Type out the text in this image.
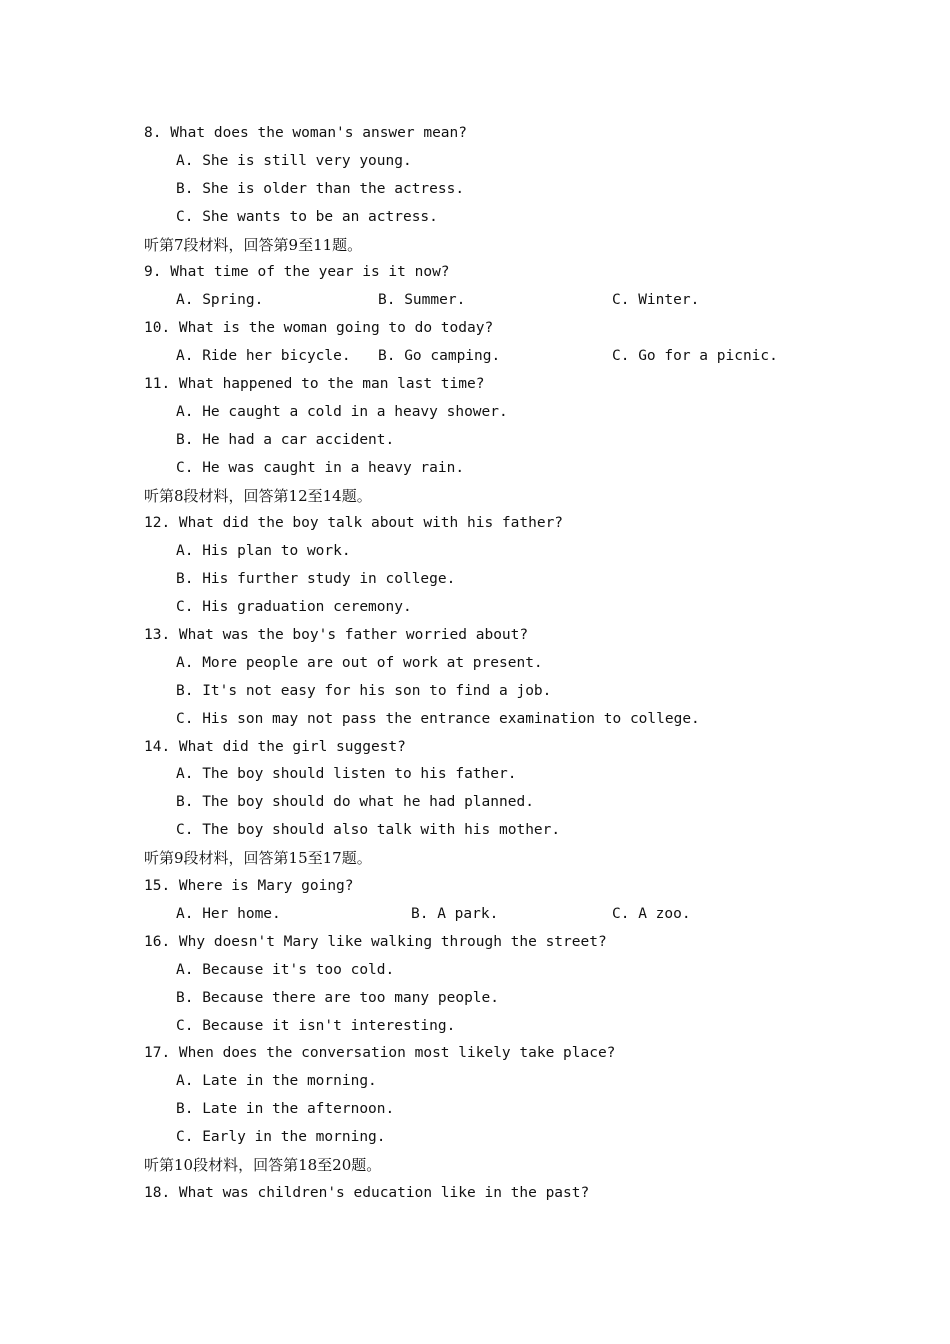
8. What does the woman's answer mean?
A. She is still very young.
B. She is older than the actress.
C. She wants to be an actress.
听第7段材料，回答第9至11题。
9. What time of the year is it now?
A. Spring.	B. Summer.	C. Winter.
10. What is the woman going to do today?
A. Ride her bicycle. B. Go camping.	C. Go for a picnic.
11. What happened to the man last time?
A. He caught a cold in a heavy shower.
B. He had a car accident.
C. He was caught in a heavy rain.
听第8段材料，回答第12至14题。
12. What did the boy talk about with his father?
A. His plan to work.
B. His further study in college.
C. His graduation ceremony.
13. What was the boy's father worried about?
A. More people are out of work at present.
B. It's not easy for his son to find a job.
C. His son may not pass the entrance examination to college.
14. What did the girl suggest?
A. The boy should listen to his father.
B. The boy should do what he had planned.
C. The boy should also talk with his mother.
听第9段材料，回答第15至17题。
15. Where is Mary going?
A. Her home.	B. A park.	C. A zoo.
16. Why doesn't Mary like walking through the street?
A. Because it's too cold.
B. Because there are too many people.
C. Because it isn't interesting.
17. When does the conversation most likely take place?
A. Late in the morning.
B. Late in the afternoon.
C. Early in the morning.
听第10段材料，回答第18至20题。
18. What was children's education like in the past?
